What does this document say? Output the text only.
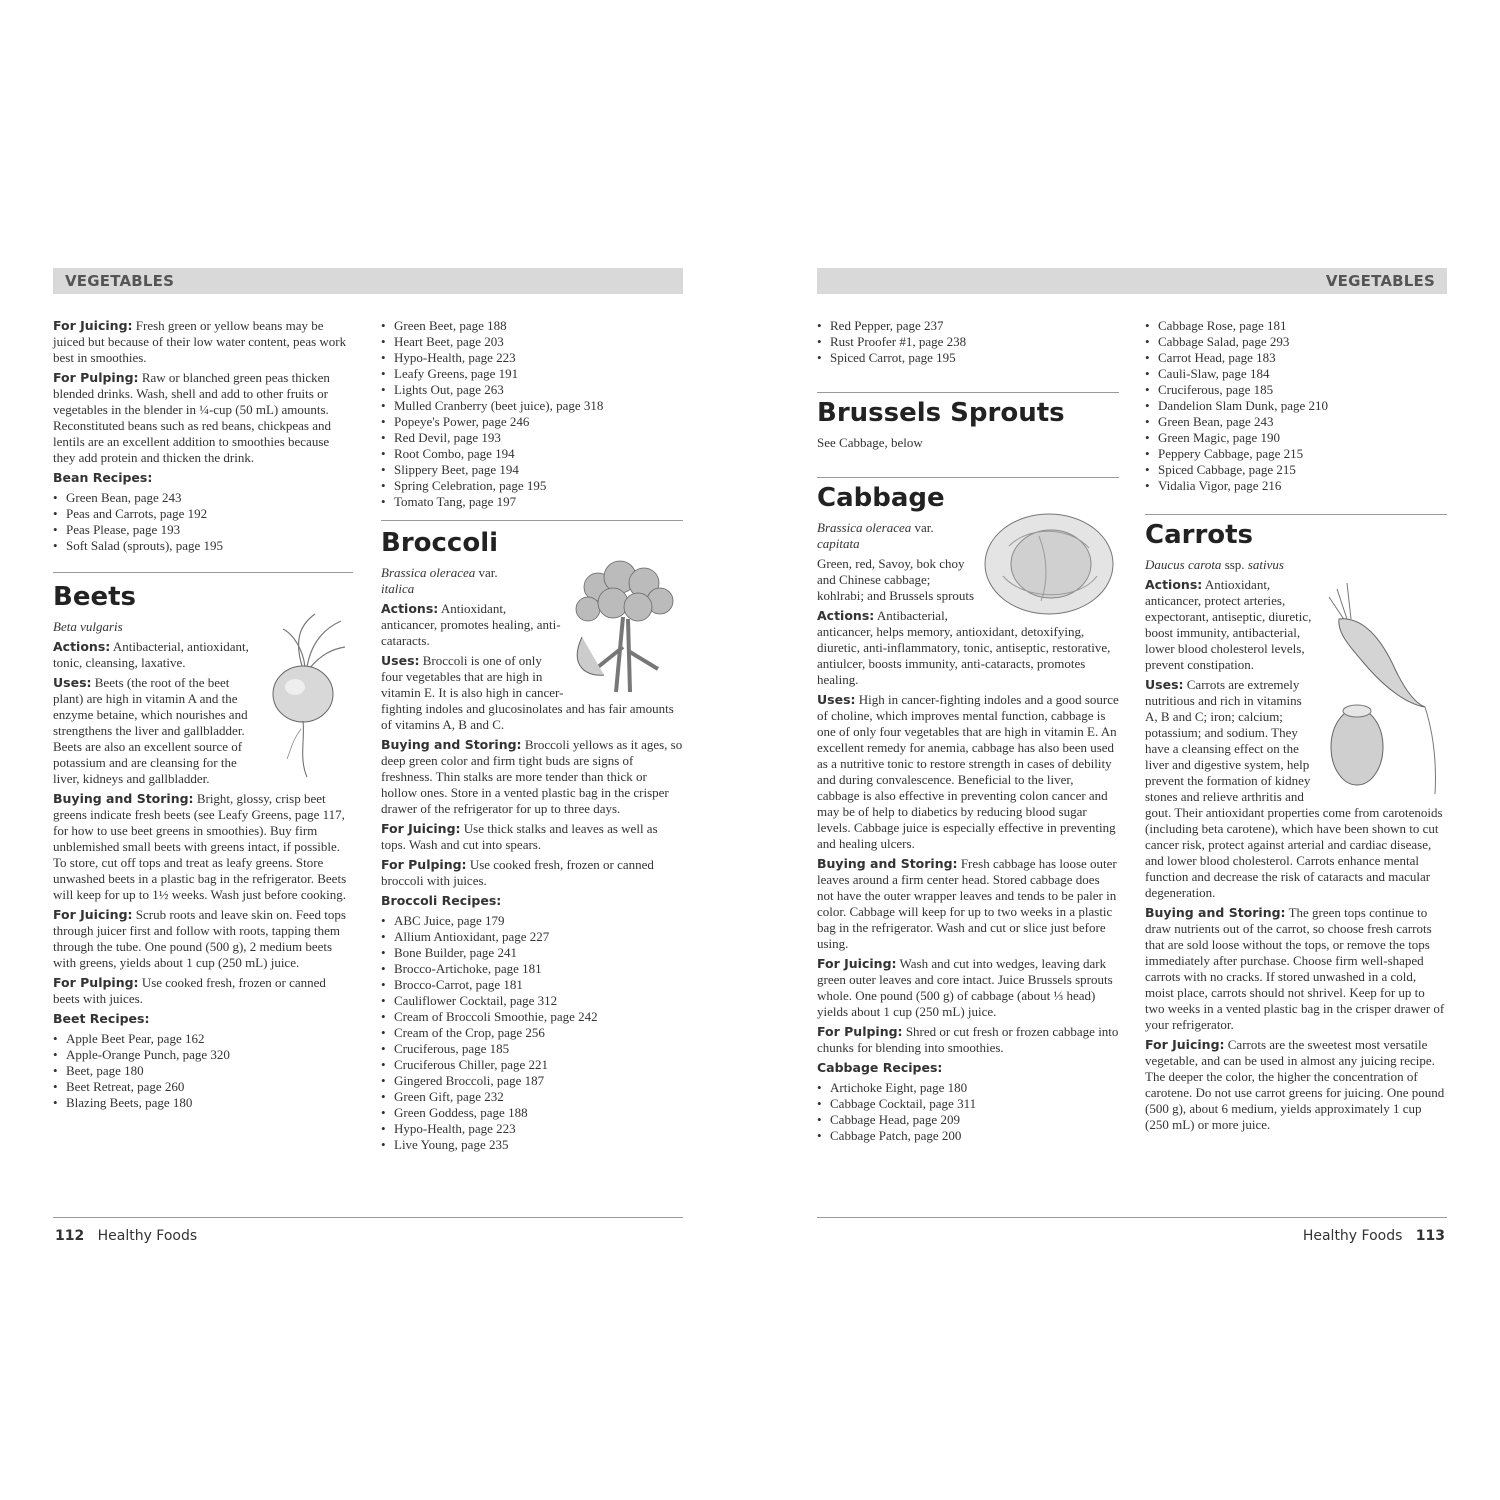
VEGETABLES

For Juicing: Fresh green or yellow beans may be juiced but because of their low water content, peas work best in smoothies.

For Pulping: Raw or blanched green peas thicken blended drinks. Wash, shell and add to other fruits or vegetables in the blender in ¼-cup (50 mL) amounts. Reconstituted beans such as red beans, chickpeas and lentils are an excellent addition to smoothies because they add protein and thicken the drink.

Bean Recipes:

• Green Bean, page 243
• Peas and Carrots, page 192
• Peas Please, page 193
• Soft Salad (sprouts), page 195
Beets

Beta vulgaris

Actions: Antibacterial, antioxidant, tonic, cleansing, laxative.

Uses: Beets (the root of the beet plant) are high in vitamin A and the enzyme betaine, which nourishes and strengthens the liver and gallbladder. Beets are also an excellent source of potassium and are cleansing for the liver, kidneys and gallbladder.

Buying and Storing: Bright, glossy, crisp beet greens indicate fresh beets (see Leafy Greens, page 117, for how to use beet greens in smoothies). Buy firm unblemished small beets with greens intact, if possible. To store, cut off tops and treat as leafy greens. Store unwashed beets in a plastic bag in the refrigerator. Beets will keep for up to 1½ weeks. Wash just before cooking.

For Juicing: Scrub roots and leave skin on. Feed tops through juicer first and follow with roots, tapping them through the tube. One pound (500 g), 2 medium beets with greens, yields about 1 cup (250 mL) juice.

For Pulping: Use cooked fresh, frozen or canned beets with juices.

Beet Recipes:

• Apple Beet Pear, page 162
• Apple-Orange Punch, page 320
• Beet, page 180
• Beet Retreat, page 260
• Blazing Beets, page 180
• Green Beet, page 188
• Heart Beet, page 203
• Hypo-Health, page 223
• Leafy Greens, page 191
• Lights Out, page 263
• Mulled Cranberry (beet juice), page 318
• Popeye's Power, page 246
• Red Devil, page 193
• Root Combo, page 194
• Slippery Beet, page 194
• Spring Celebration, page 195
• Tomato Tang, page 197
Broccoli

Brassica oleracea var.
italica

Actions: Antioxidant, anticancer, promotes healing, anti-cataracts.

Uses: Broccoli is one of only four vegetables that are high in vitamin E. It is also high in cancer-fighting indoles and glucosinolates and has fair amounts of vitamins A, B and C.

Buying and Storing: Broccoli yellows as it ages, so deep green color and firm tight buds are signs of freshness. Thin stalks are more tender than thick or hollow ones. Store in a vented plastic bag in the crisper drawer of the refrigerator for up to three days.

For Juicing: Use thick stalks and leaves as well as tops. Wash and cut into spears.

For Pulping: Use cooked fresh, frozen or canned broccoli with juices.

Broccoli Recipes:

• ABC Juice, page 179
• Allium Antioxidant, page 227
• Bone Builder, page 241
• Brocco-Artichoke, page 181
• Brocco-Carrot, page 181
• Cauliflower Cocktail, page 312
• Cream of Broccoli Smoothie, page 242
• Cream of the Crop, page 256
• Cruciferous, page 185
• Cruciferous Chiller, page 221
• Gingered Broccoli, page 187
• Green Gift, page 232
• Green Goddess, page 188
• Hypo-Health, page 223
• Live Young, page 235
112 Healthy Foods
VEGETABLES
• Red Pepper, page 237
• Rust Proofer #1, page 238
• Spiced Carrot, page 195
Brussels Sprouts

See Cabbage, below

Cabbage

Brassica oleracea var.
capitata

Green, red, Savoy, bok choy and Chinese cabbage; kohlrabi; and Brussels sprouts

Actions: Antibacterial, anticancer, helps memory, antioxidant, detoxifying, diuretic, anti-inflammatory, tonic, antiseptic, restorative, antiulcer, boosts immunity, anti-cataracts, promotes healing.

Uses: High in cancer-fighting indoles and a good source of choline, which improves mental function, cabbage is one of only four vegetables that are high in vitamin E. An excellent remedy for anemia, cabbage has also been used as a nutritive tonic to restore strength in cases of debility and during convalescence. Beneficial to the liver, cabbage is also effective in preventing colon cancer and may be of help to diabetics by reducing blood sugar levels. Cabbage juice is especially effective in preventing and healing ulcers.

Buying and Storing: Fresh cabbage has loose outer leaves around a firm center head. Stored cabbage does not have the outer wrapper leaves and tends to be paler in color. Cabbage will keep for up to two weeks in a plastic bag in the refrigerator. Wash and cut or slice just before using.

For Juicing: Wash and cut into wedges, leaving dark green outer leaves and core intact. Juice Brussels sprouts whole. One pound (500 g) of cabbage (about ⅓ head) yields about 1 cup (250 mL) juice.

For Pulping: Shred or cut fresh or frozen cabbage into chunks for blending into smoothies.

Cabbage Recipes:

• Artichoke Eight, page 180
• Cabbage Cocktail, page 311
• Cabbage Head, page 209
• Cabbage Patch, page 200
• Cabbage Rose, page 181
• Cabbage Salad, page 293
• Carrot Head, page 183
• Cauli-Slaw, page 184
• Cruciferous, page 185
• Dandelion Slam Dunk, page 210
• Green Bean, page 243
• Green Magic, page 190
• Peppery Cabbage, page 215
• Spiced Cabbage, page 215
• Vidalia Vigor, page 216
Carrots

Daucus carota ssp. sativus

Actions: Antioxidant, anticancer, protect arteries, expectorant, antiseptic, diuretic, boost immunity, antibacterial, lower blood cholesterol levels, prevent constipation.

Uses: Carrots are extremely nutritious and rich in vitamins A, B and C; iron; calcium; potassium; and sodium. They have a cleansing effect on the liver and digestive system, help prevent the formation of kidney stones and relieve arthritis and gout. Their antioxidant properties come from carotenoids (including beta carotene), which have been shown to cut cancer risk, protect against arterial and cardiac disease, and lower blood cholesterol. Carrots enhance mental function and decrease the risk of cataracts and macular degeneration.

Buying and Storing: The green tops continue to draw nutrients out of the carrot, so choose fresh carrots that are sold loose without the tops, or remove the tops immediately after purchase. Choose firm well-shaped carrots with no cracks. If stored unwashed in a cold, moist place, carrots should not shrivel. Keep for up to two weeks in a vented plastic bag in the crisper drawer of your refrigerator.

For Juicing: Carrots are the sweetest most versatile vegetable, and can be used in almost any juicing recipe. The deeper the color, the higher the concentration of carotene. Do not use carrot greens for juicing. One pound (500 g), about 6 medium, yields approximately 1 cup (250 mL) or more juice.

Healthy Foods 113
